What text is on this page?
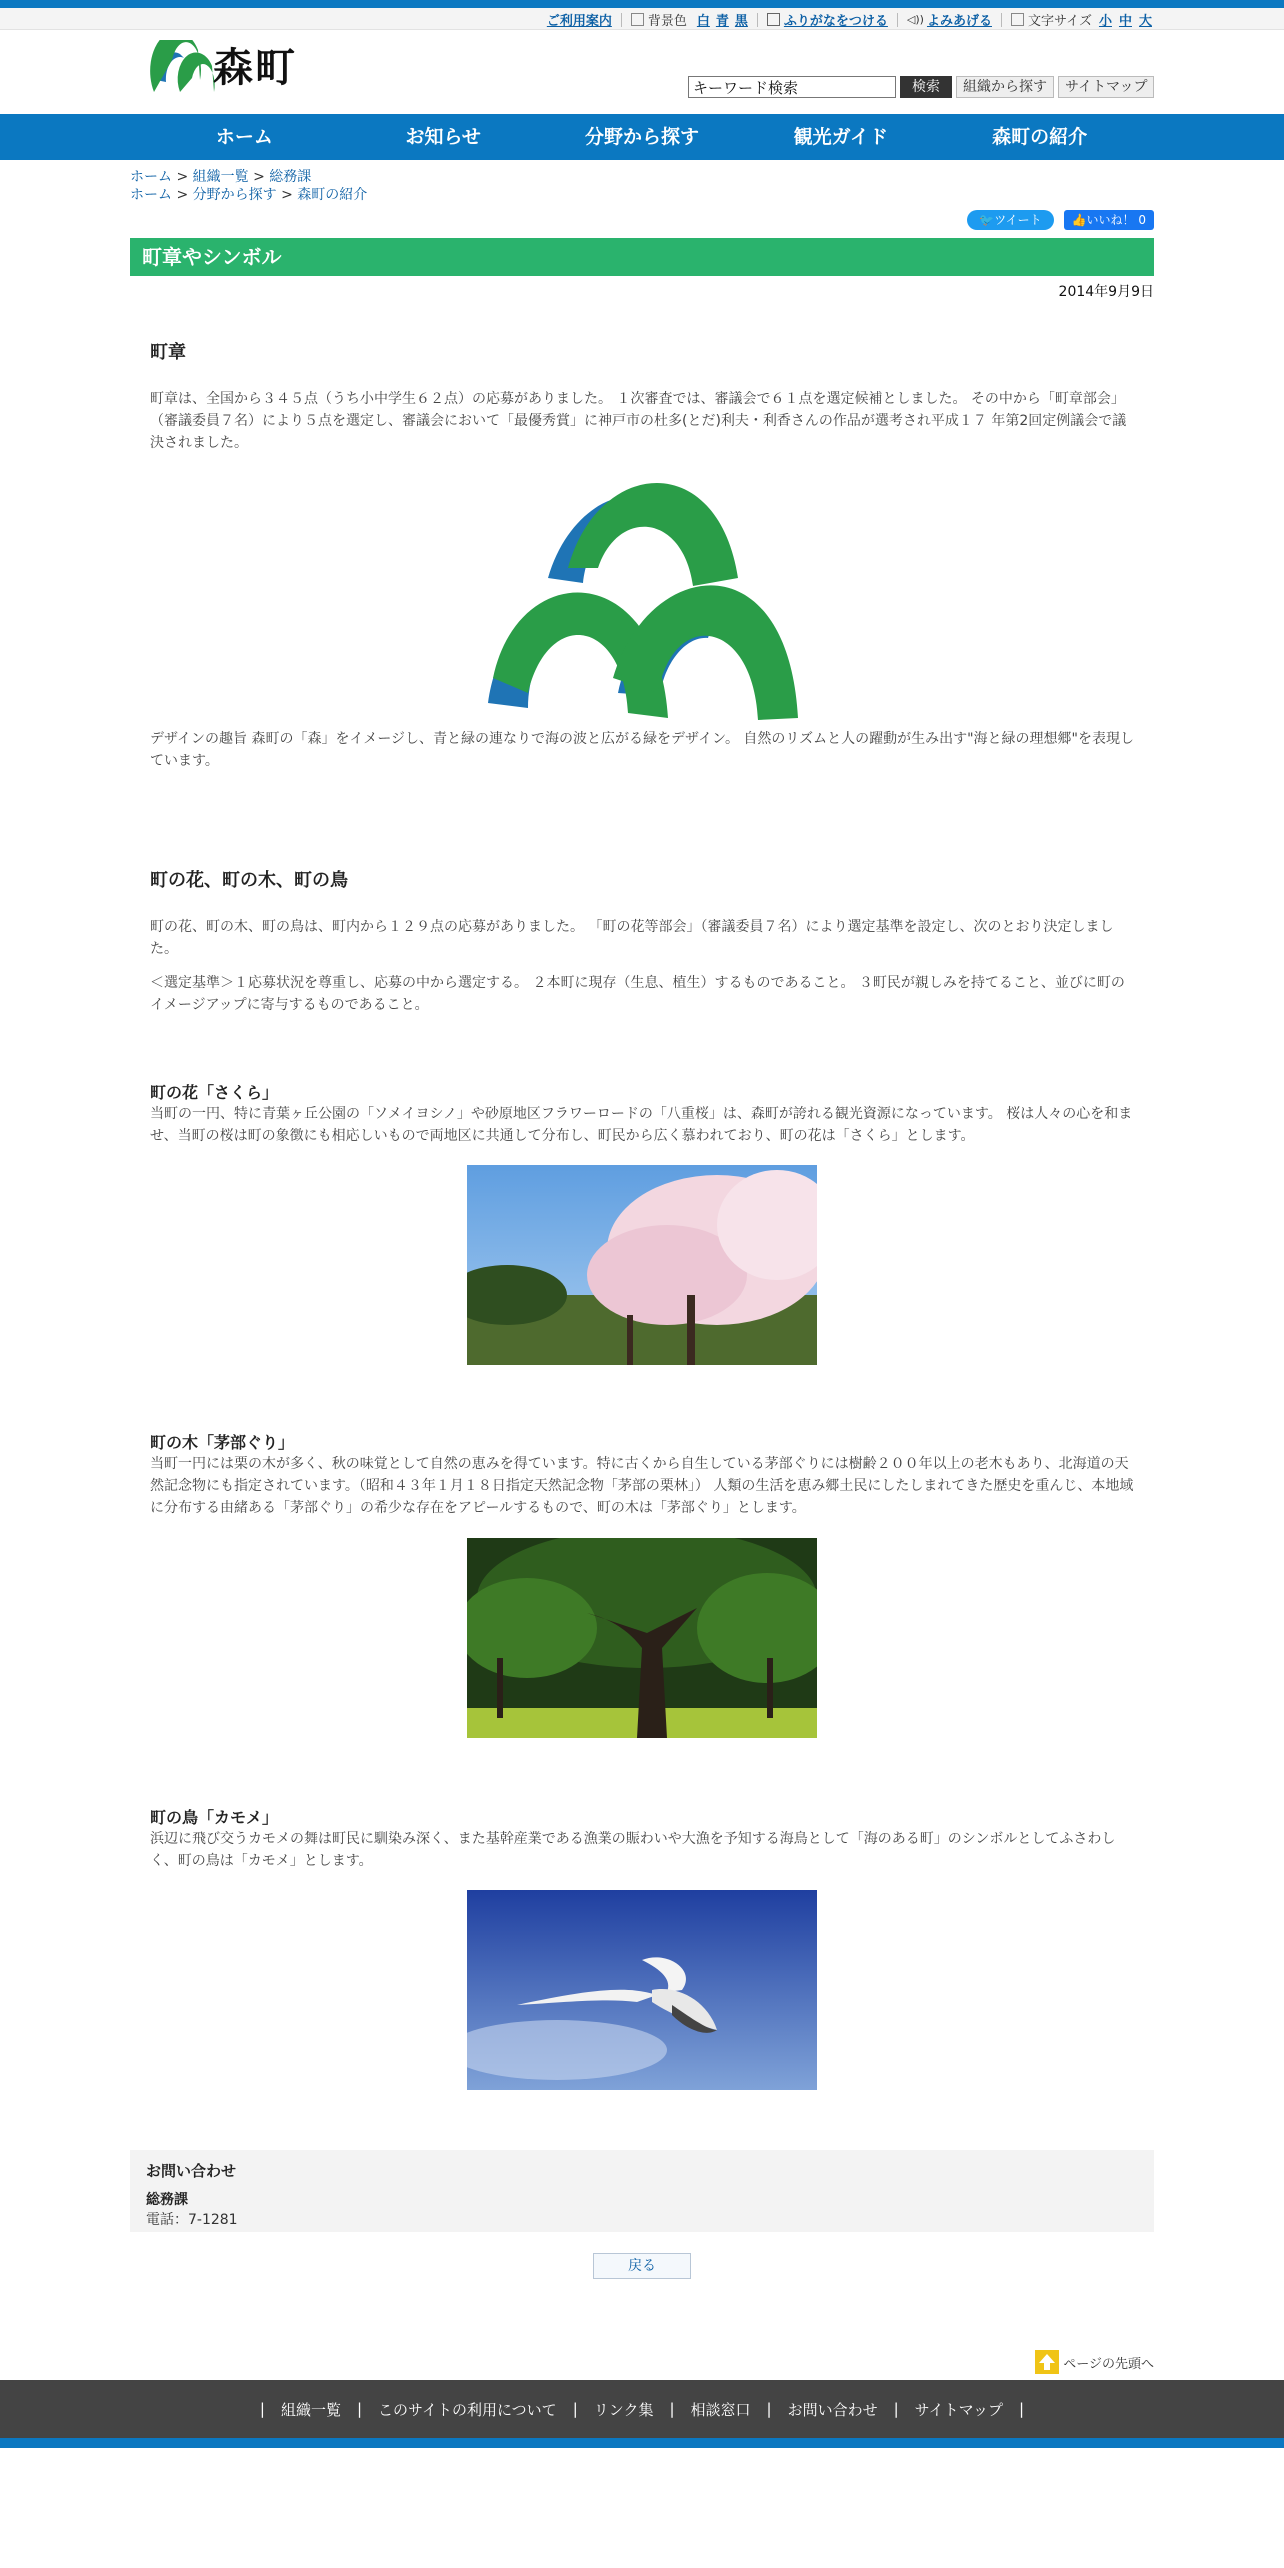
ご利用案内	背景色 白 青 黒	ふりがなをつける ◁)) よみあげる	文字サイズ 小 中 大
森町
キーワード検索	検索	組織から探す	サイトマップ
ホーム	お知らせ	分野から探す	観光ガイド	森町の紹介
ホーム > 組織一覧 > 総務課
ホーム > 分野から探す > 森町の紹介
🐦ツイート	👍いいね！ 0
町章やシンボル
2014年9月9日
町章
町章は、全国から３４５点（うち小中学生６２点）の応募がありました。 １次審査では、審議会で６１点を選定候補としました。 その中から「町章部会」（審議委員７名）により５点を選定し、審議会において「最優秀賞」に神戸市の杜多(とだ)利夫・利香さんの作品が選考され平成１７ 年第2回定例議会で議決されました。
デザインの趣旨 森町の「森」をイメージし、青と緑の連なりで海の波と広がる緑をデザイン。 自然のリズムと人の躍動が生み出す"海と緑の理想郷"を表現しています。
町の花、町の木、町の鳥
町の花、町の木、町の鳥は、町内から１２９点の応募がありました。 「町の花等部会」（審議委員７名）により選定基準を設定し、次のとおり決定しました。
＜選定基準＞１応募状況を尊重し、応募の中から選定する。 ２本町に現存（生息、植生）するものであること。 ３町民が親しみを持てること、並びに町のイメージアップに寄与するものであること。
町の花「さくら」
当町の一円、特に青葉ヶ丘公園の「ソメイヨシノ」や砂原地区フラワーロードの「八重桜」は、森町が誇れる観光資源になっています。 桜は人々の心を和ませ、当町の桜は町の象徴にも相応しいもので両地区に共通して分布し、町民から広く慕われており、町の花は「さくら」とします。
町の木「茅部ぐり」
当町一円には栗の木が多く、秋の味覚として自然の恵みを得ています。特に古くから自生している茅部ぐりには樹齢２００年以上の老木もあり、北海道の天然記念物にも指定されています。（昭和４３年１月１８日指定天然記念物「茅部の栗林」） 人類の生活を恵み郷土民にしたしまれてきた歴史を重んじ、本地域に分布する由緒ある「茅部ぐり」の希少な存在をアピールするもので、町の木は「茅部ぐり」とします。
町の鳥「カモメ」
浜辺に飛び交うカモメの舞は町民に馴染み深く、また基幹産業である漁業の賑わいや大漁を予知する海鳥として「海のある町」のシンボルとしてふさわしく、町の鳥は「カモメ」とします。
お問い合わせ
総務課
電話：7-1281
戻る
ページの先頭へ
| 組織一覧 | このサイトの利用について | リンク集 | 相談窓口 | お問い合わせ | サイトマップ |
